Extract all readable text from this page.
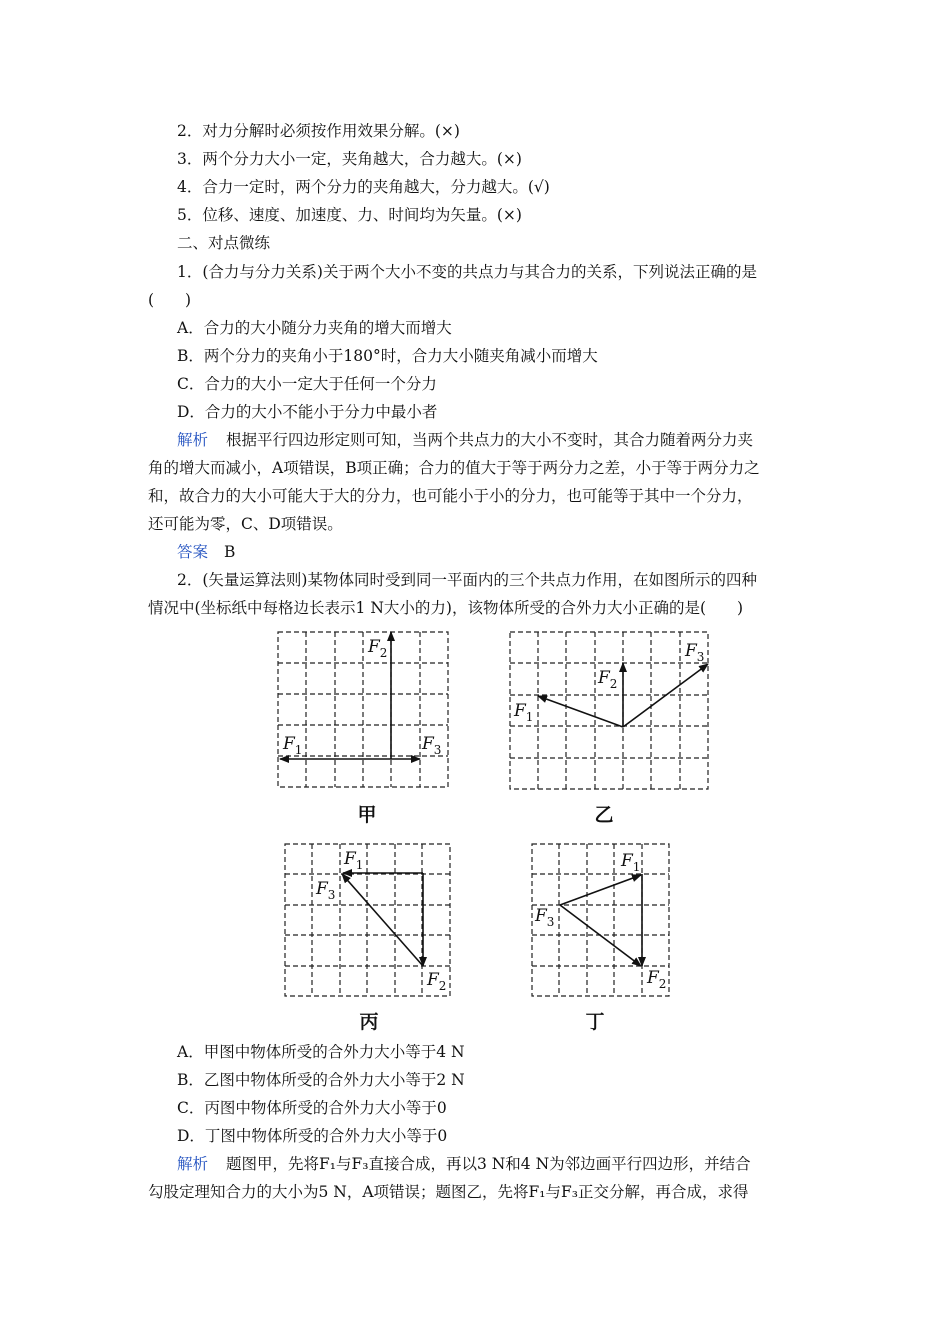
2．对力分解时必须按作用效果分解。(×)
3．两个分力大小一定，夹角越大，合力越大。(×)
4．合力一定时，两个分力的夹角越大，分力越大。(√)
5．位移、速度、加速度、力、时间均为矢量。(×)
二、对点微练
1．(合力与分力关系)关于两个大小不变的共点力与其合力的关系，下列说法正确的是
(　　)
A．合力的大小随分力夹角的增大而增大
B．两个分力的夹角小于180°时，合力大小随夹角减小而增大
C．合力的大小一定大于任何一个分力
D．合力的大小不能小于分力中最小者
解析 根据平行四边形定则可知，当两个共点力的大小不变时，其合力随着两分力夹
角的增大而减小，A项错误，B项正确；合力的值大于等于两分力之差，小于等于两分力之
和，故合力的大小可能大于大的分力，也可能小于小的分力，也可能等于其中一个分力，
还可能为零，C、D项错误。
答案 B
2．(矢量运算法则)某物体同时受到同一平面内的三个共点力作用，在如图所示的四种
情况中(坐标纸中每格边长表示1 N大小的力)，该物体所受的合外力大小正确的是(　　)
$F_1$
$F_2$
$F_3$
甲
$F_1$
$F_2$
$F_3$
乙
$F_1$
$F_2$
$F_3$
丙
$F_1$
$F_2$
$F_3$
丁
A．甲图中物体所受的合外力大小等于4 N
B．乙图中物体所受的合外力大小等于2 N
C．丙图中物体所受的合外力大小等于0
D．丁图中物体所受的合外力大小等于0
解析 题图甲，先将F₁与F₃直接合成，再以3 N和4 N为邻边画平行四边形，并结合
勾股定理知合力的大小为5 N，A项错误；题图乙，先将F₁与F₃正交分解，再合成，求得
